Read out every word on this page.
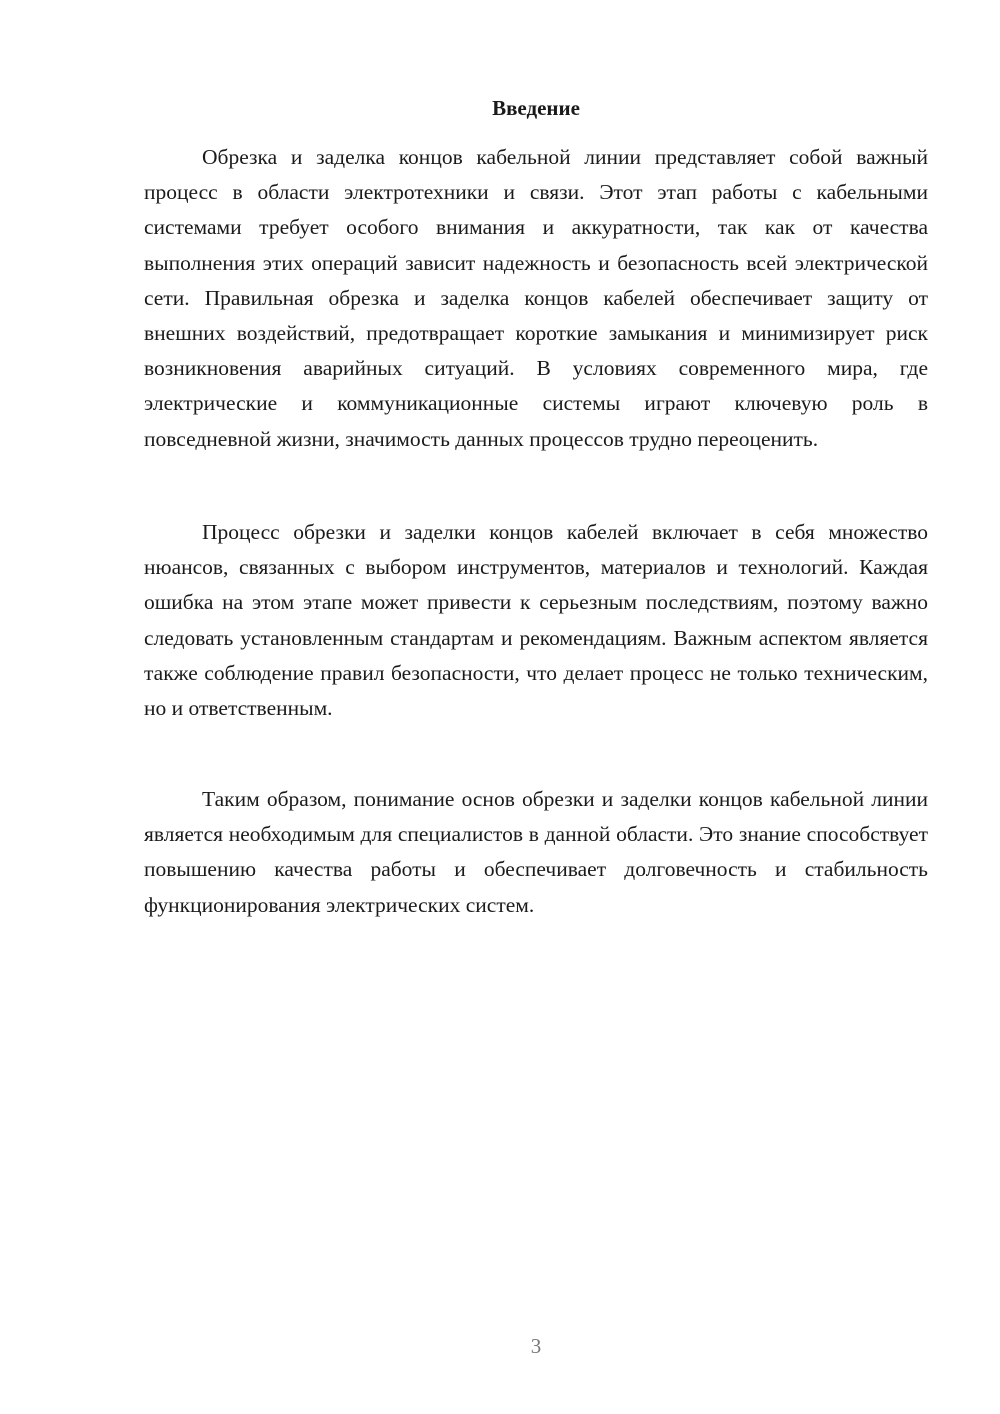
Введение
Обрезка и заделка концов кабельной линии представляет собой важный процесс в области электротехники и связи. Этот этап работы с кабельными системами требует особого внимания и аккуратности, так как от качества выполнения этих операций зависит надежность и безопасность всей электрической сети. Правильная обрезка и заделка концов кабелей обеспечивает защиту от внешних воздействий, предотвращает короткие замыкания и минимизирует риск возникновения аварийных ситуаций. В условиях современного мира, где электрические и коммуникационные системы играют ключевую роль в повседневной жизни, значимость данных процессов трудно переоценить.
Процесс обрезки и заделки концов кабелей включает в себя множество нюансов, связанных с выбором инструментов, материалов и технологий. Каждая ошибка на этом этапе может привести к серьезным последствиям, поэтому важно следовать установленным стандартам и рекомендациям. Важным аспектом является также соблюдение правил безопасности, что делает процесс не только техническим, но и ответственным.
Таким образом, понимание основ обрезки и заделки концов кабельной линии является необходимым для специалистов в данной области. Это знание способствует повышению качества работы и обеспечивает долговечность и стабильность функционирования электрических систем.
3
